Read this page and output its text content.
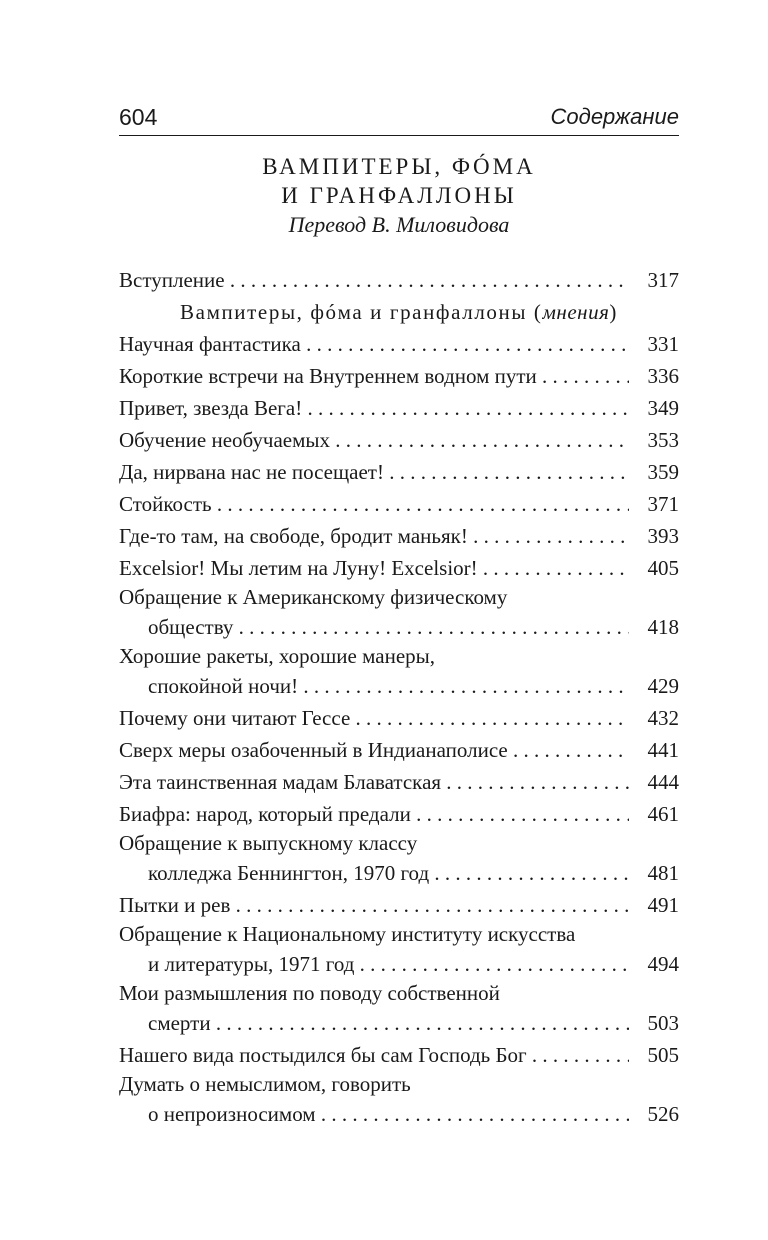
604	Содержание
ВАМПИТЕРЫ, ФÓМА
И ГРАНФАЛЛОНЫ
Перевод В. Миловидова
Вступление . . .	317
Вампитеры, фóма и гранфаллоны (мнения)
Научная фантастика . . .	331
Короткие встречи на Внутреннем водном пути . . .	336
Привет, звезда Вега! . . .	349
Обучение необучаемых . . .	353
Да, нирвана нас не посещает! . . .	359
Стойкость . . .	371
Где-то там, на свободе, бродит маньяк! . . .	393
Excelsior! Мы летим на Луну! Excelsior! . . .	405
Обращение к Американскому физическому
обществу . . .	418
Хорошие ракеты, хорошие манеры,
спокойной ночи! . . .	429
Почему они читают Гессе . . .	432
Сверх меры озабоченный в Индианаполисе . . .	441
Эта таинственная мадам Блаватская . . .	444
Биафра: народ, который предали . . .	461
Обращение к выпускному классу
колледжа Беннингтон, 1970 год . . .	481
Пытки и рев . . .	491
Обращение к Национальному институту искусства
и литературы, 1971 год . . .	494
Мои размышления по поводу собственной
смерти . . .	503
Нашего вида постыдился бы сам Господь Бог . . .	505
Думать о немыслимом, говорить
о непроизносимом . . .	526
